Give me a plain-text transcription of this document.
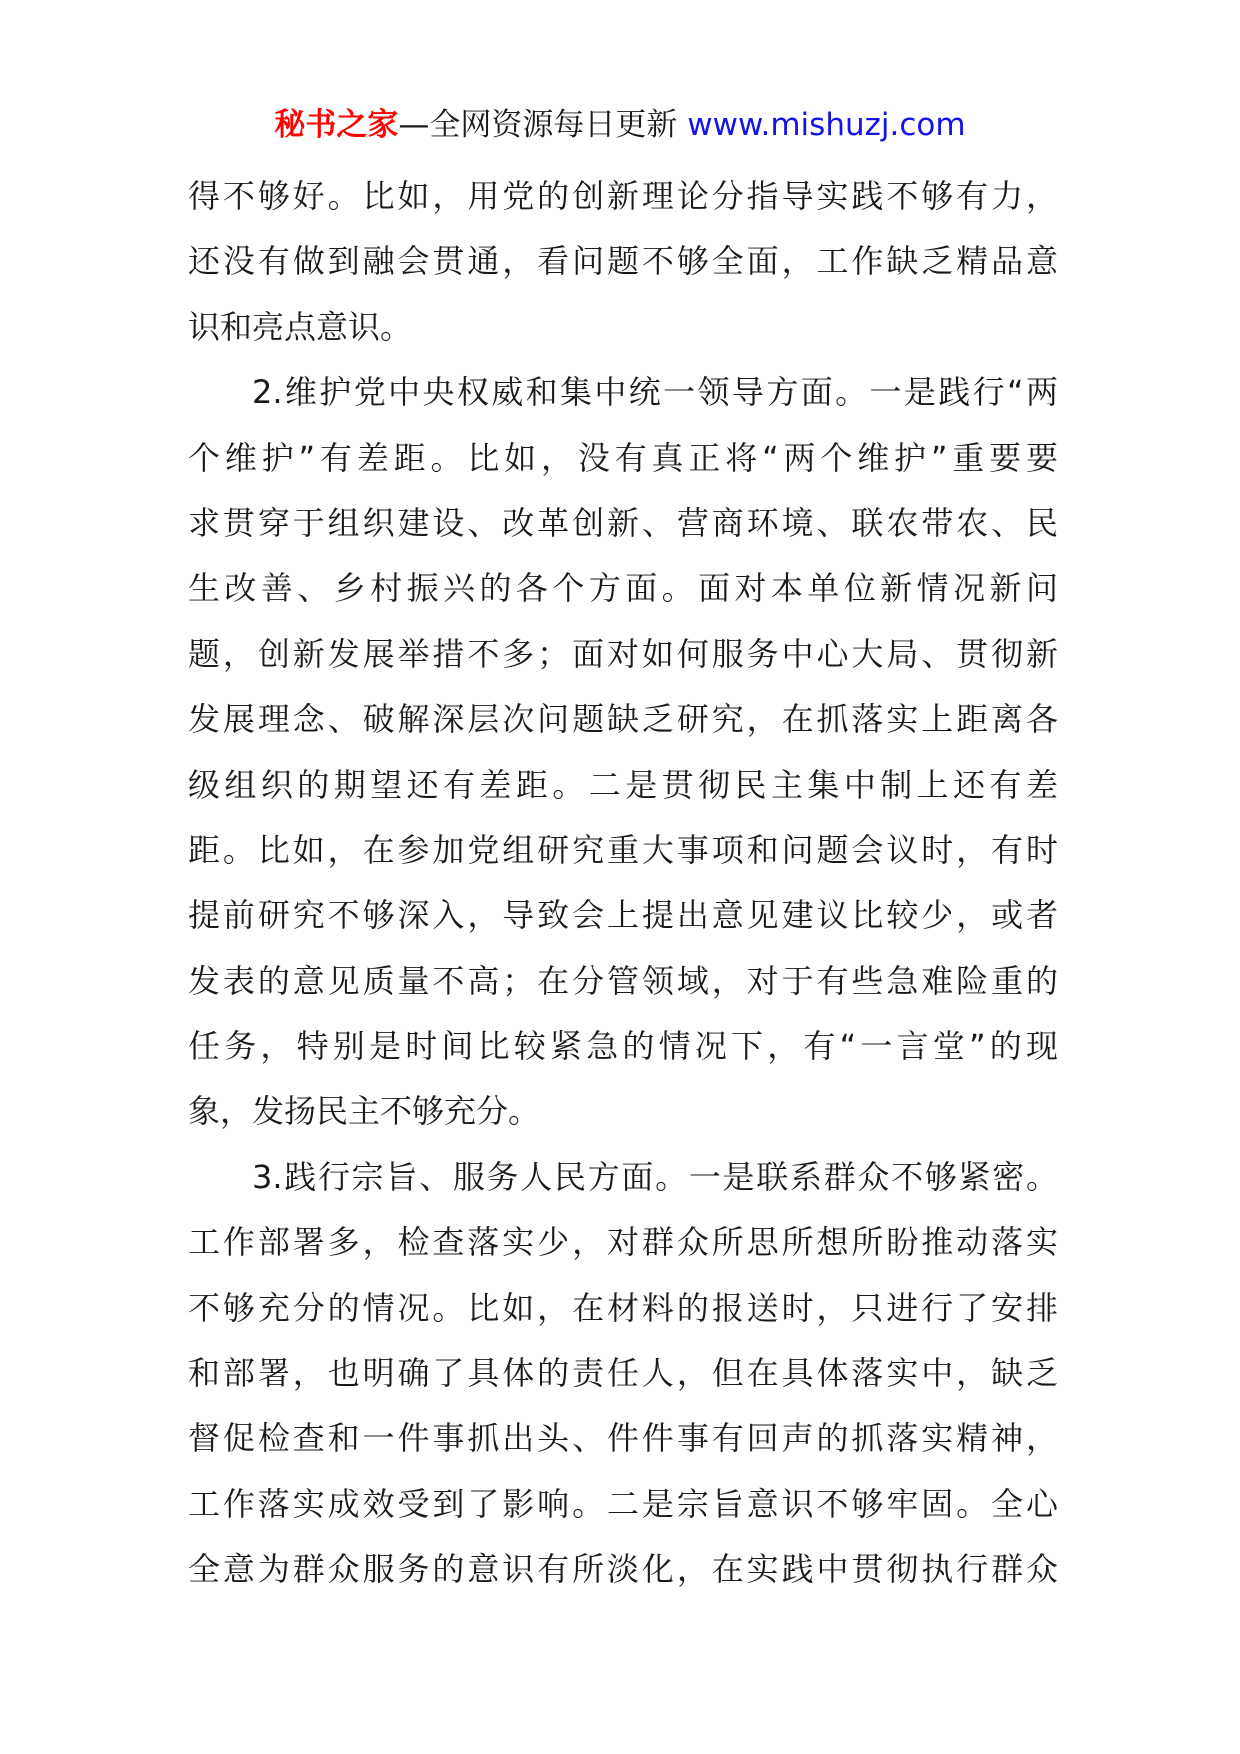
秘书之家—全网资源每日更新 www.mishuzj.com
得不够好。比如，用党的创新理论分指导实践不够有力，
还没有做到融会贯通，看问题不够全面，工作缺乏精品意
识和亮点意识。
2.维护党中央权威和集中统一领导方面。一是践行“两
个维护”有差距。比如，没有真正将“两个维护”重要要
求贯穿于组织建设、改革创新、营商环境、联农带农、民
生改善、乡村振兴的各个方面。面对本单位新情况新问
题，创新发展举措不多；面对如何服务中心大局、贯彻新
发展理念、破解深层次问题缺乏研究，在抓落实上距离各
级组织的期望还有差距。二是贯彻民主集中制上还有差
距。比如，在参加党组研究重大事项和问题会议时，有时
提前研究不够深入，导致会上提出意见建议比较少，或者
发表的意见质量不高；在分管领域，对于有些急难险重的
任务，特别是时间比较紧急的情况下，有“一言堂”的现
象，发扬民主不够充分。
3.践行宗旨、服务人民方面。一是联系群众不够紧密。
工作部署多，检查落实少，对群众所思所想所盼推动落实
不够充分的情况。比如，在材料的报送时，只进行了安排
和部署，也明确了具体的责任人，但在具体落实中，缺乏
督促检查和一件事抓出头、件件事有回声的抓落实精神，
工作落实成效受到了影响。二是宗旨意识不够牢固。全心
全意为群众服务的意识有所淡化，在实践中贯彻执行群众
